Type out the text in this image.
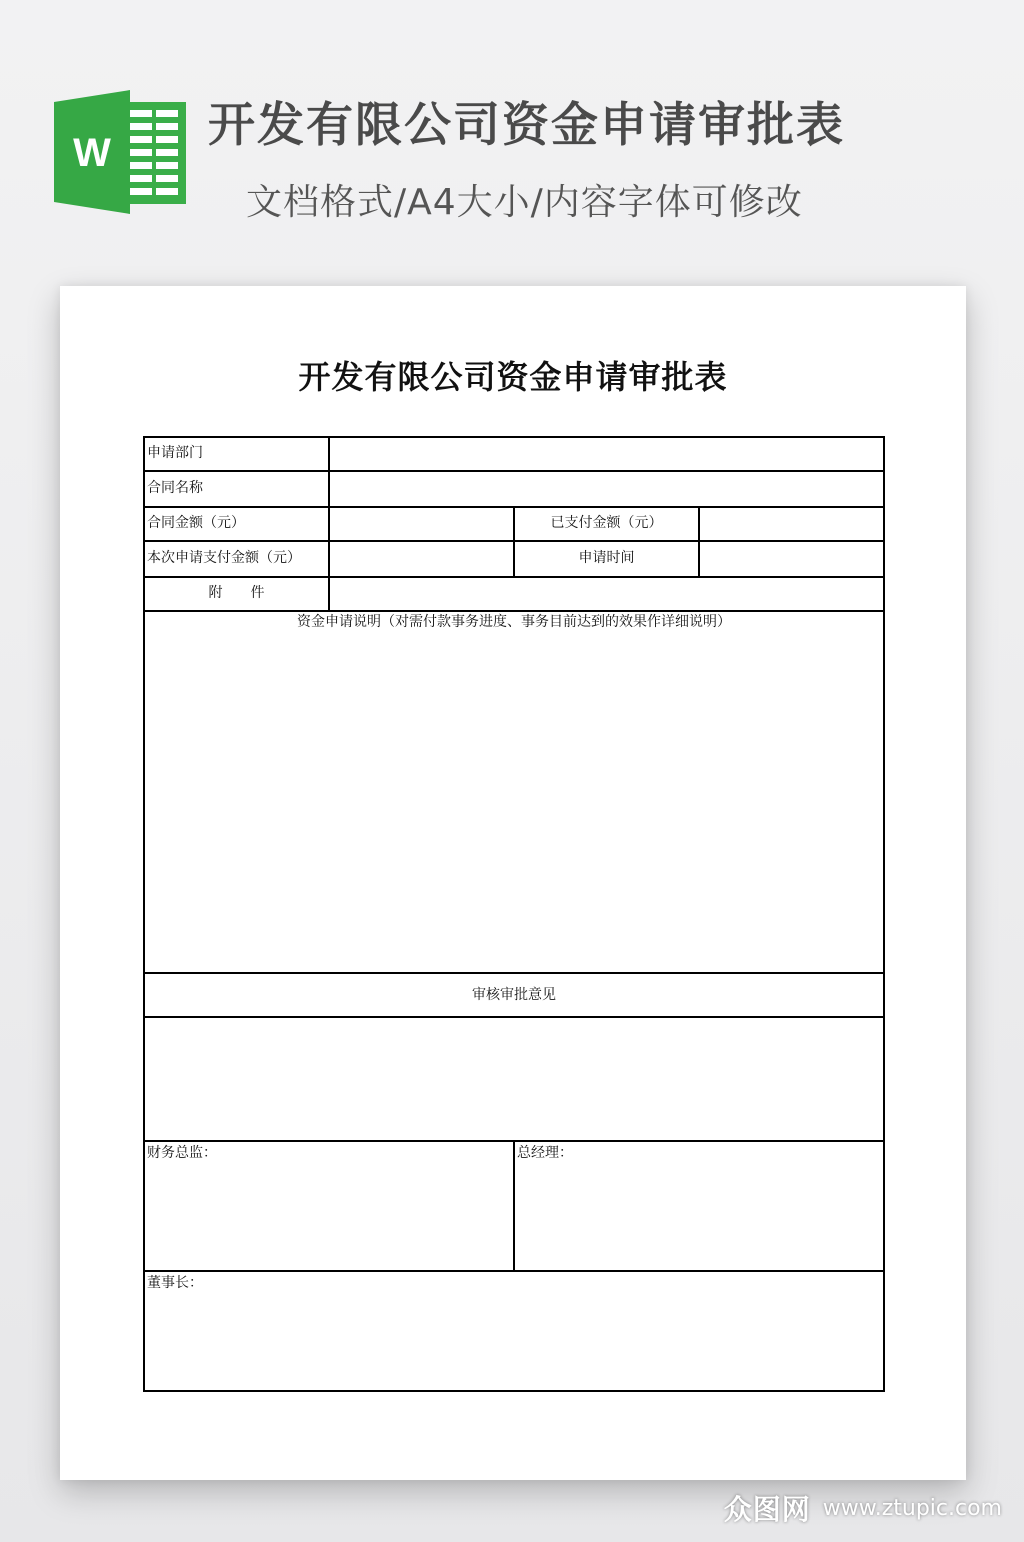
W 开发有限公司资金申请审批表
文档格式/A4大小/内容字体可修改
开发有限公司资金申请审批表
申请部门
合同名称
合同金额（元）	已支付金额（元）
本次申请支付金额（元）	申请时间
附　　件
资金申请说明（对需付款事务进度、事务目前达到的效果作详细说明）
审核审批意见
财务总监：	总经理：
董事长：
众图网 www.ztupic.com
